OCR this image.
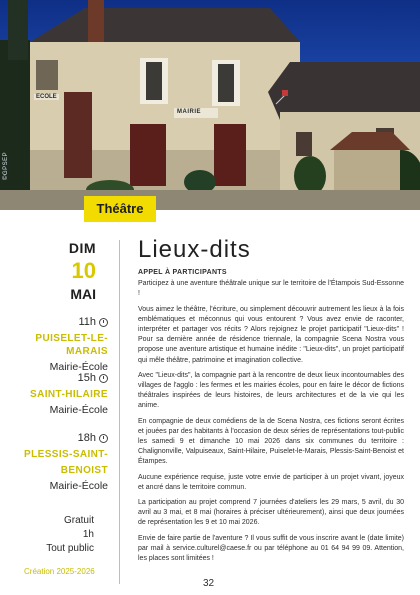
ECOLE
MAIRIE
©GPSEP
Théâtre
DIM
10
MAI
11h
PUISELET-LE-MARAIS
Mairie-École
15h
SAINT-HILAIRE
Mairie-École
18h
PLESSIS-SAINT-
BENOIST
Mairie-École
Gratuit
1h
Tout public
Création 2025-2026
Lieux-dits
APPEL À PARTICIPANTS

Participez à une aventure théâtrale unique sur le territoire de l'Étampois Sud-Essonne !

Vous aimez le théâtre, l'écriture, ou simplement découvrir autrement les lieux à la fois emblématiques et méconnus qui vous entourent ? Vous avez envie de raconter, interpréter et partager vos récits ? Alors rejoignez le projet participatif "Lieux-dits" ! Pour sa dernière année de résidence triennale, la compagnie Scena Nostra vous propose une aventure artistique et humaine inédite : "Lieux-dits", un projet participatif qui mêle théâtre, patrimoine et imagination collective.

Avec "Lieux-dits", la compagnie part à la rencontre de deux lieux incontournables des villages de l'agglo : les fermes et les mairies écoles, pour en faire le décor de fictions théâtrales inspirées de leurs histoires, de leurs architectures et de la vie qui les anime.

En compagnie de deux comédiens de la de Scena Nostra, ces fictions seront écrites et jouées par des habitants à l'occasion de deux séries de représentations tout-public les samedi 9 et dimanche 10 mai 2026 dans six communes du territoire : Chalignonville, Valpuiseaux, Saint-Hilaire, Puiselet-le-Marais, Plessis-Saint-Benoist et Étampes.

Aucune expérience requise, juste votre envie de participer à un projet vivant, joyeux et ancré dans le territoire commun.

La participation au projet comprend 7 journées d'ateliers les 29 mars, 5 avril, du 30 avril au 3 mai, et 8 mai (horaires à préciser ultérieurement), ainsi que deux journées de représentation les 9 et 10 mai 2026.

Envie de faire partie de l'aventure ? Il vous suffit de vous inscrire avant le (date limite) par mail à service.culturel@caese.fr ou par téléphone au 01 64 94 99 09. Attention, les places sont limitées !

32
